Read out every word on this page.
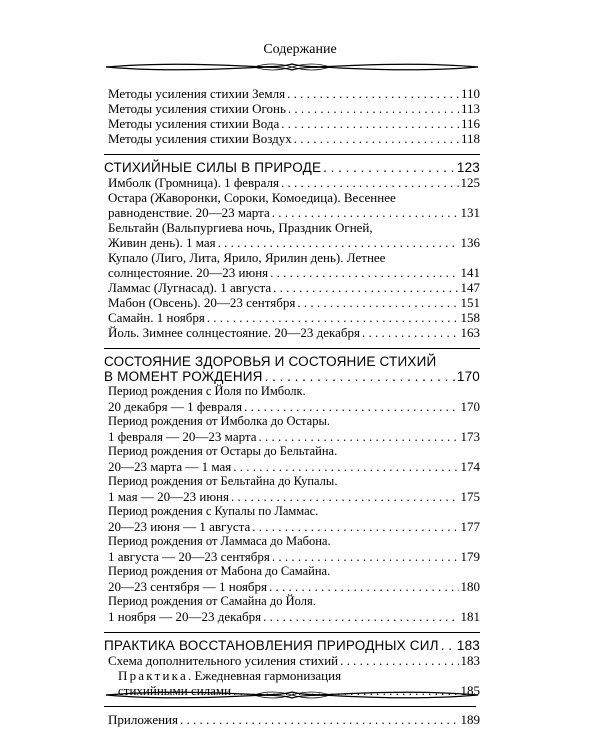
Содержание
Методы усиления стихии Земля . . .	110
Методы усиления стихии Огонь . . .	113
Методы усиления стихии Вода . . .	116
Методы усиления стихии Воздух . . .	118
СТИХИЙНЫЕ СИЛЫ В ПРИРОДЕ . . .	123
Имболк (Громница). 1 февраля . . .	125
Остара (Жаворонки, Сороки, Комоедица). Весеннее
равноденствие. 20—23 марта . . .	131
Бельтайн (Вальпургиева ночь, Праздник Огней,
Живин день). 1 мая . . .	136
Купало (Лиго, Лита, Ярило, Ярилин день). Летнее
солнцестояние. 20—23 июня . . .	141
Ламмас (Лугнасад). 1 августа . . .	147
Мабон (Овсень). 20—23 сентября . . .	151
Самайн. 1 ноября . . .	158
Йоль. Зимнее солнцестояние. 20—23 декабря . . .	163
СОСТОЯНИЕ ЗДОРОВЬЯ И СОСТОЯНИЕ СТИХИЙ
В МОМЕНТ РОЖДЕНИЯ . . .	170
Период рождения с Йоля по Имболк.
20 декабря — 1 февраля . . .	170
Период рождения от Имболка до Остары.
1 февраля — 20—23 марта . . .	173
Период рождения от Остары до Бельтайна.
20—23 марта — 1 мая . . .	174
Период рождения от Бельтайна до Купалы.
1 мая — 20—23 июня . . .	175
Период рождения с Купалы по Ламмас.
20—23 июня — 1 августа . . .	177
Период рождения от Ламмаса до Мабона.
1 августа — 20—23 сентября . . .	179
Период рождения от Мабона до Самайна.
20—23 сентября — 1 ноября . . .	180
Период рождения от Самайна до Йоля.
1 ноября — 20—23 декабря . . .	181
ПРАКТИКА ВОССТАНОВЛЕНИЯ ПРИРОДНЫХ СИЛ . . . 183
Схема дополнительного усиления стихий . . .	183
Практика. Ежедневная гармонизация
стихийными силами . . .	185
Приложения . . .	189
